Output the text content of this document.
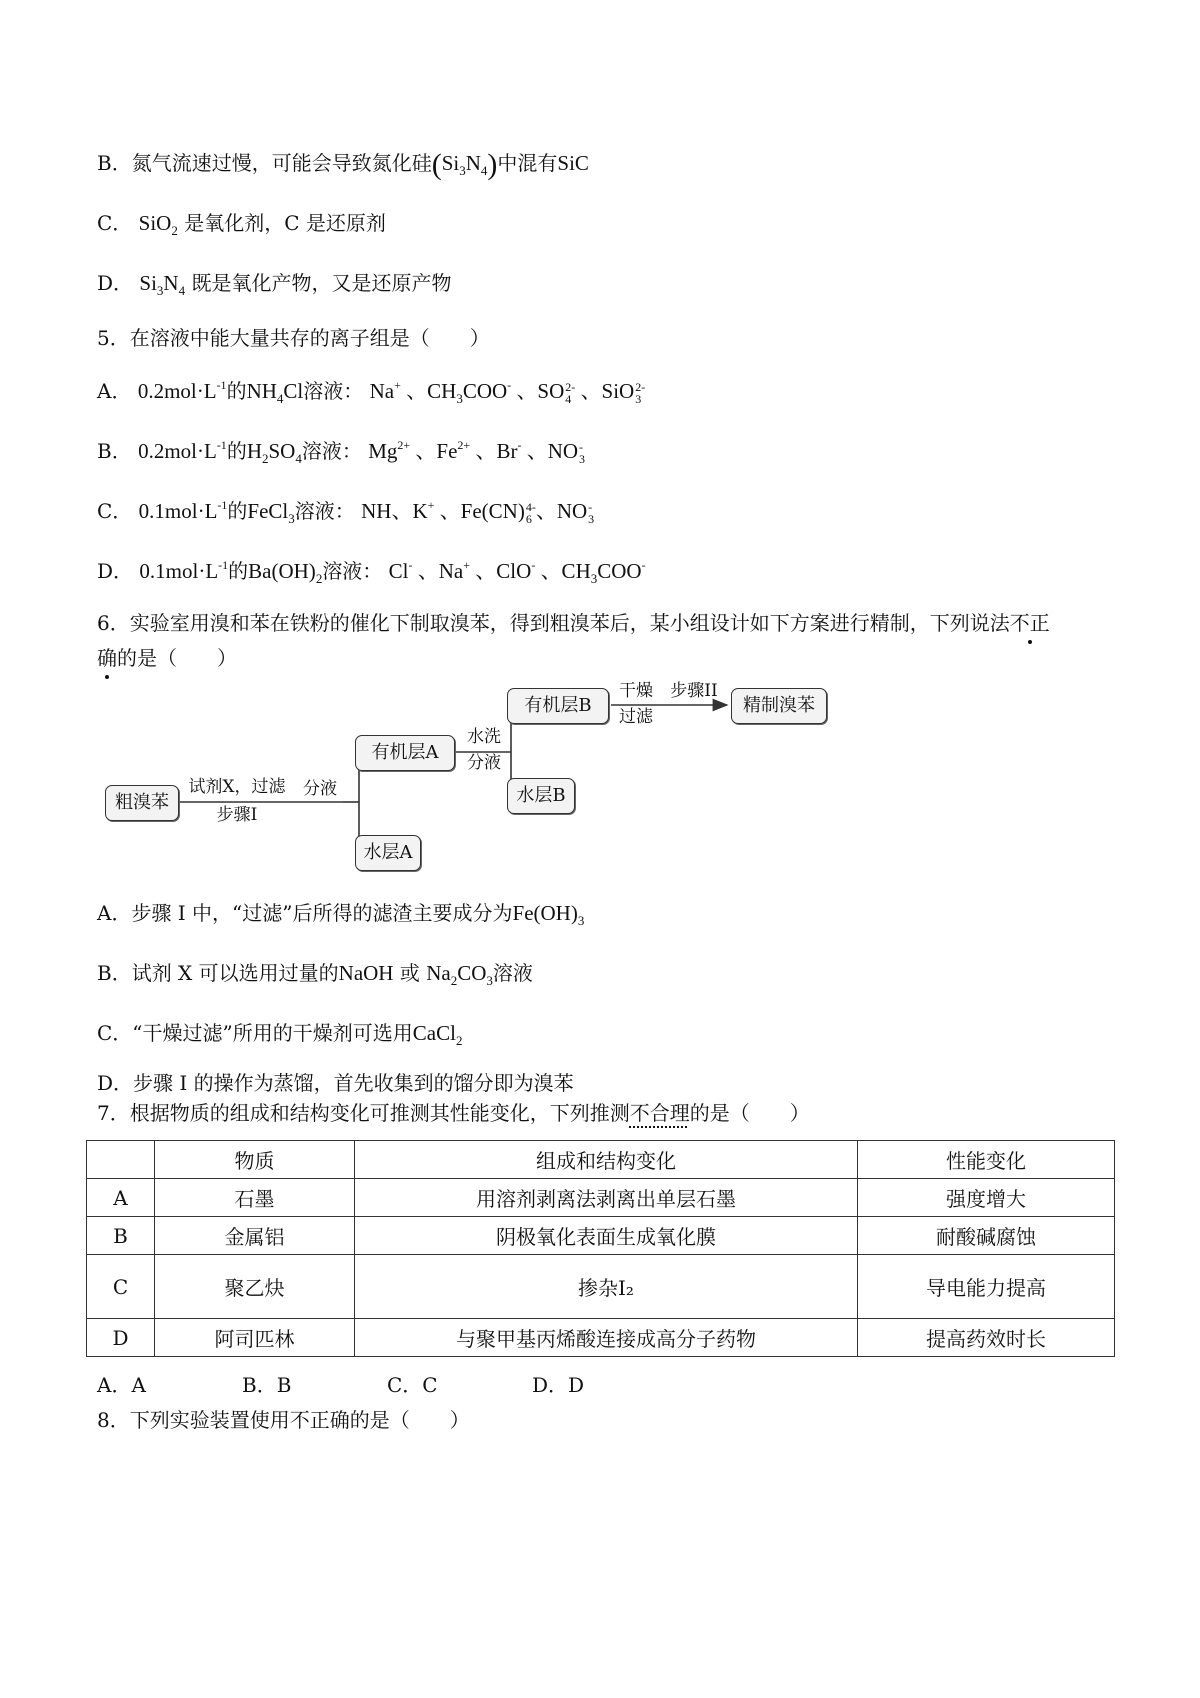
B．氮气流速过慢，可能会导致氮化硅$(Si_3N_4)$中混有SiC
C． SiO$_2$ 是氧化剂，C 是还原剂
D． $Si_3N_4$ 既是氧化产物，又是还原产物
5．在溶液中能大量共存的离子组是（　　）
A． $0.2mol\cdot L^{-1}$的$NH_4Cl$溶液： Na+ 、$CH_3COO^-$ 、SO 2-
4 、SiO 2-
3
B． $0.2mol\cdot L^{-1}$的$H_2SO_4$溶液： $Mg^{2+}$ 、$Fe^{2+}$ 、Br- 、NO -
3
C． $0.1mol\cdot L^{-1}$的FeCl$_3$溶液： NH、K+ 、Fe(CN) 4-
6 、NO -
3
D． $0.1mol\cdot L^{-1}$的$Ba(OH)_2$溶液： Cl- 、Na+ 、ClO- 、$CH_3COO^-$
6．实验室用溴和苯在铁粉的催化下制取溴苯，得到粗溴苯后，某小组设计如下方案进行精制，下列说法不正
确的是（　　）
粗溴苯
试剂X，过滤
步骤I
分液
有机层A
水层A
水洗
分液
有机层B
水层B
干燥
过滤
步骤II
精制溴苯
A．步骤 I 中，“过滤”后所得的滤渣主要成分为$Fe(OH)_3$
B．试剂 X 可以选用过量的NaOH 或 $Na_2CO_3$溶液
C．“干燥过滤”所用的干燥剂可选用CaCl$_2$
D．步骤 I 的操作为蒸馏，首先收集到的馏分即为溴苯
7．根据物质的组成和结构变化可推测其性能变化，下列推测不合理的是（　　）
	物质	组成和结构变化	性能变化
A	石墨	用溶剂剥离法剥离出单层石墨	强度增大
B	金属铝	阴极氧化表面生成氧化膜	耐酸碱腐蚀
C	聚乙炔	掺杂I₂	导电能力提高
D	阿司匹林	与聚甲基丙烯酸连接成高分子药物	提高药效时长
A．A	B．B	C．C	D．D
8．下列实验装置使用不正确的是（　　）
